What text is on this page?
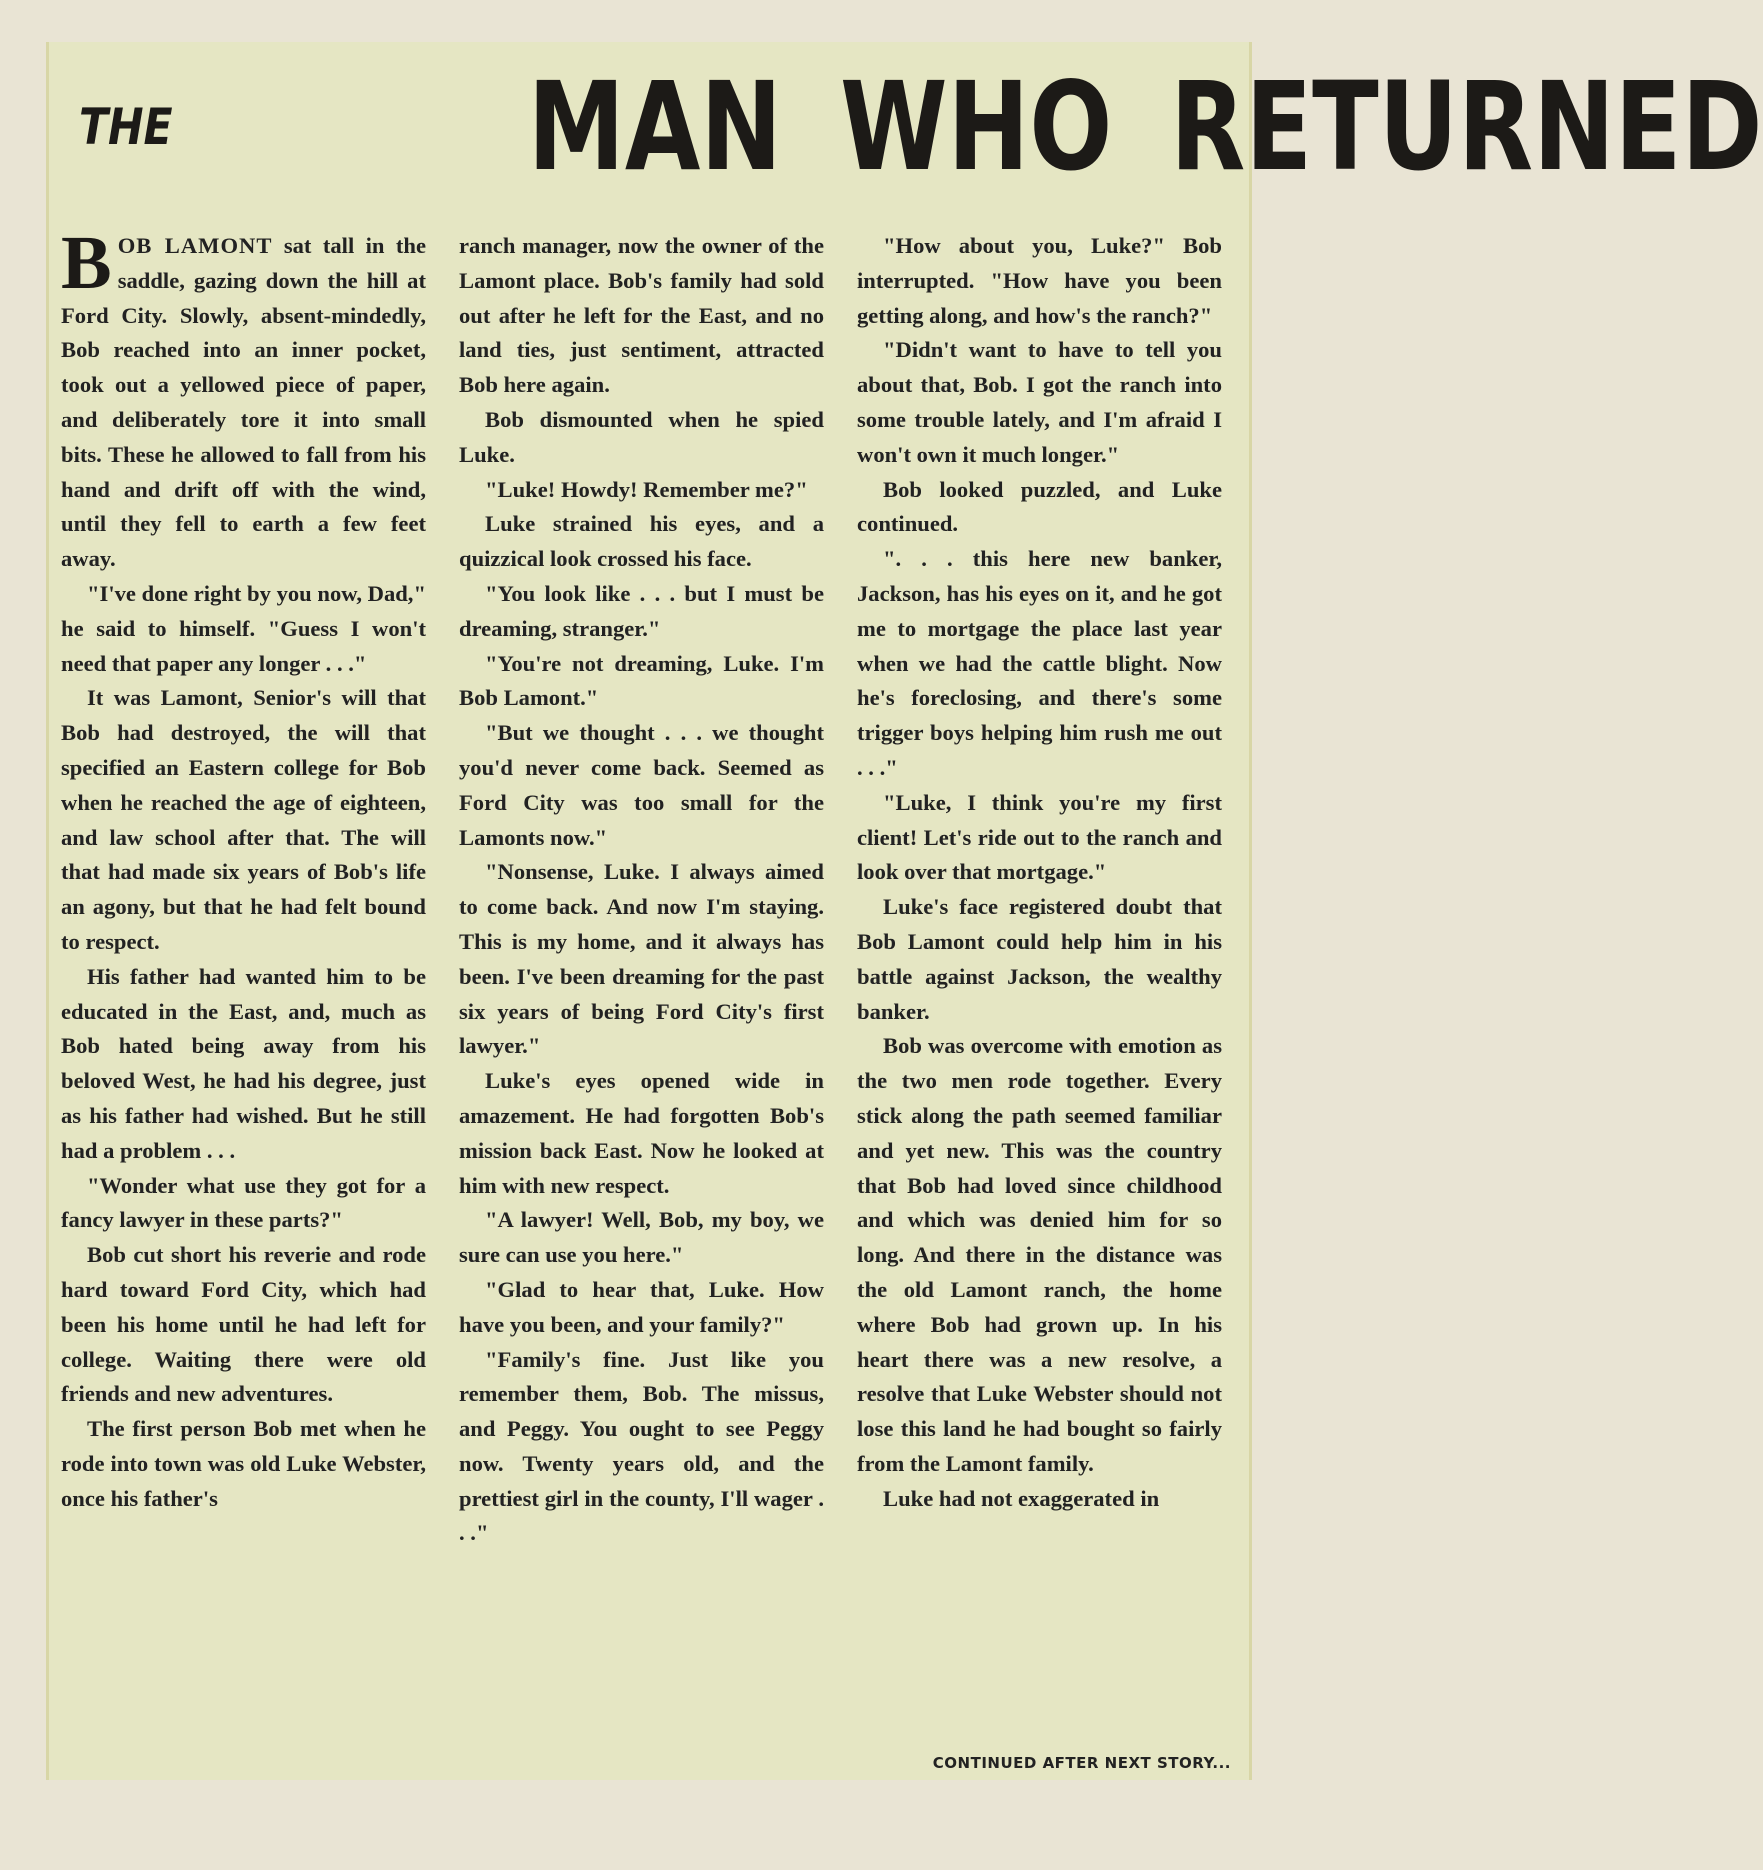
THE	MAN WHO RETURNED

BOB LAMONT sat tall in the saddle, gazing down the hill at Ford City. Slowly, absent-mindedly, Bob reached into an inner pocket, took out a yellowed piece of paper, and deliberately tore it into small bits. These he allowed to fall from his hand and drift off with the wind, until they fell to earth a few feet away.

"I've done right by you now, Dad," he said to himself. "Guess I won't need that paper any longer . . ."

It was Lamont, Senior's will that Bob had destroyed, the will that specified an Eastern college for Bob when he reached the age of eighteen, and law school after that. The will that had made six years of Bob's life an agony, but that he had felt bound to respect.

His father had wanted him to be educated in the East, and, much as Bob hated being away from his beloved West, he had his degree, just as his father had wished. But he still had a problem . . .

"Wonder what use they got for a fancy lawyer in these parts?"

Bob cut short his reverie and rode hard toward Ford City, which had been his home until he had left for college. Waiting there were old friends and new adventures.

The first person Bob met when he rode into town was old Luke Webster, once his father's

ranch manager, now the owner of the Lamont place. Bob's family had sold out after he left for the East, and no land ties, just sentiment, attracted Bob here again.

Bob dismounted when he spied Luke.

"Luke! Howdy! Remember me?"

Luke strained his eyes, and a quizzical look crossed his face.

"You look like . . . but I must be dreaming, stranger."

"You're not dreaming, Luke. I'm Bob Lamont."

"But we thought . . . we thought you'd never come back. Seemed as Ford City was too small for the Lamonts now."

"Nonsense, Luke. I always aimed to come back. And now I'm staying. This is my home, and it always has been. I've been dreaming for the past six years of being Ford City's first lawyer."

Luke's eyes opened wide in amazement. He had forgotten Bob's mission back East. Now he looked at him with new respect.

"A lawyer! Well, Bob, my boy, we sure can use you here."

"Glad to hear that, Luke. How have you been, and your family?"

"Family's fine. Just like you remember them, Bob. The missus, and Peggy. You ought to see Peggy now. Twenty years old, and the prettiest girl in the county, I'll wager . . ."

"How about you, Luke?" Bob interrupted. "How have you been getting along, and how's the ranch?"

"Didn't want to have to tell you about that, Bob. I got the ranch into some trouble lately, and I'm afraid I won't own it much longer."

Bob looked puzzled, and Luke continued.

". . . this here new banker, Jackson, has his eyes on it, and he got me to mortgage the place last year when we had the cattle blight. Now he's foreclosing, and there's some trigger boys helping him rush me out . . ."

"Luke, I think you're my first client! Let's ride out to the ranch and look over that mortgage."

Luke's face registered doubt that Bob Lamont could help him in his battle against Jackson, the wealthy banker.

Bob was overcome with emotion as the two men rode together. Every stick along the path seemed familiar and yet new. This was the country that Bob had loved since childhood and which was denied him for so long. And there in the distance was the old Lamont ranch, the home where Bob had grown up. In his heart there was a new resolve, a resolve that Luke Webster should not lose this land he had bought so fairly from the Lamont family.

Luke had not exaggerated in

CONTINUED AFTER NEXT STORY...
